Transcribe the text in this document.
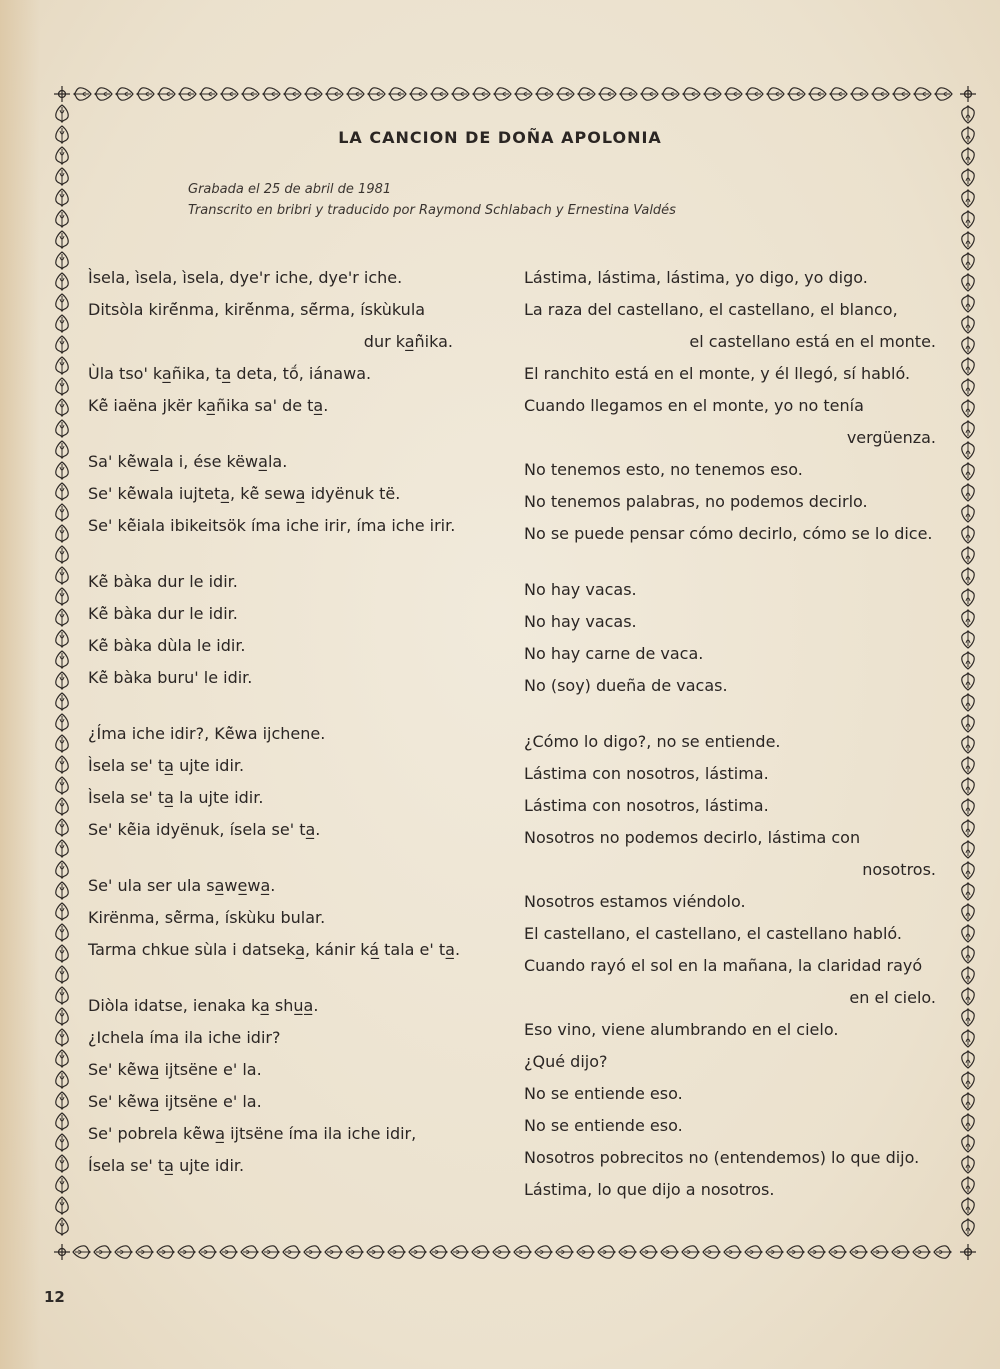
LA CANCION DE DOÑA APOLONIA
Grabada el 25 de abril de 1981
Transcrito en bribri y traducido por Raymond Schlabach y Ernestina Valdés
Ìsela, ìsela, ìsela, dye'r iche, dye'r iche.
Ditsòla kirẽ́nma, kirẽ́nma, sẽ́rma, ískùkula
dur ka̲ñ̀ika.
Ùla tso' ka̲ñika, ta̲ deta, tṍ, iánawa.
Kẽ̀ iaëna jkër ka̲ñika sa' de ta̲.
Sa' kẽ̀wa̲la i, ése këwa̲la.
Se' kẽ̀wala iujteta̲, kẽ̀ sewa̲ idyënuk të.
Se' kẽ̀iala ibikeitsök íma iche irir, íma iche irir.
Kẽ̀ bàka dur le idir.
Kẽ̀ bàka dur le idir.
Kẽ̀ bàka dùla le idir.
Kẽ̀ bàka buru' le idir.
¿Íma iche idir?, Kẽ̀wa ijchene.
Ìsela se' ta̲ ujte idir.
Ìsela se' ta̲ la ujte idir.
Se' kẽ̀ia idyënuk, ísela se' ta̲.
Se' ula ser ula sa̲we̲wa̲.
Kirënma, sẽ̀rma, ískùku bular.
Tarma chkue sùla i datseka̲, kánir ká̲ tala e' ta̲.
Diòla idatse, ienaka ka̲ shu̲a̲.
¿Ichela íma ila iche idir?
Se' kẽ̀wa̲ ijtsëne e' la.
Se' kẽ̀wa̲ ijtsëne e' la.
Se' pobrela kẽ̀wa̲ ijtsëne íma ila iche idir,
Ísela se' ta̲ ujte idir.
Lástima, lástima, lástima, yo digo, yo digo.
La raza del castellano, el castellano, el blanco,
el castellano está en el monte.
El ranchito está en el monte, y él llegó, sí habló.
Cuando llegamos en el monte, yo no tenía
vergüenza.
No tenemos esto, no tenemos eso.
No tenemos palabras, no podemos decirlo.
No se puede pensar cómo decirlo, cómo se lo dice.
No hay vacas.
No hay vacas.
No hay carne de vaca.
No (soy) dueña de vacas.
¿Cómo lo digo?, no se entiende.
Lástima con nosotros, lástima.
Lástima con nosotros, lástima.
Nosotros no podemos decirlo, lástima con
nosotros.
Nosotros estamos viéndolo.
El castellano, el castellano, el castellano habló.
Cuando rayó el sol en la mañana, la claridad rayó
en el cielo.
Eso vino, viene alumbrando en el cielo.
¿Qué dijo?
No se entiende eso.
No se entiende eso.
Nosotros pobrecitos no (entendemos) lo que dijo.
Lástima, lo que dijo a nosotros.
12
